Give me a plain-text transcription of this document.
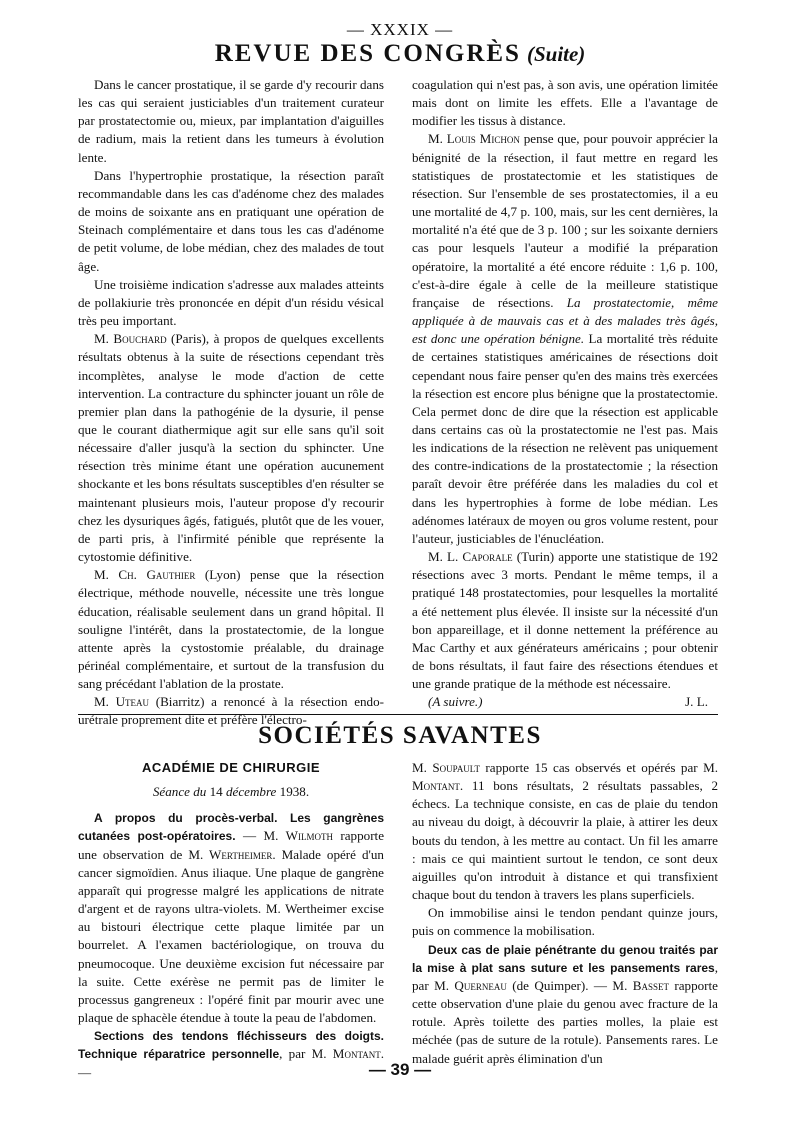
— XXXIX —
REVUE DES CONGRÈS (Suite)

Dans le cancer prostatique, il se garde d'y recourir dans les cas qui seraient justiciables d'un traitement curateur par prostatectomie ou, mieux, par implantation d'aiguilles de radium, mais la retient dans les tumeurs à évolution lente.

Dans l'hypertrophie prostatique, la résection paraît recommandable dans les cas d'adénome chez des malades de moins de soixante ans en pratiquant une opération de Steinach complémentaire et dans tous les cas d'adénome de petit volume, de lobe médian, chez des malades de tout âge.

Une troisième indication s'adresse aux malades atteints de pollakiurie très prononcée en dépit d'un résidu vésical très peu important.

M. Bouchard (Paris), à propos de quelques excellents résultats obtenus à la suite de résections cependant très incomplètes, analyse le mode d'action de cette intervention. La contracture du sphincter jouant un rôle de premier plan dans la pathogénie de la dysurie, il pense que le courant diathermique agit sur elle sans qu'il soit nécessaire d'aller jusqu'à la section du sphincter. Une résection très minime étant une opération aucunement shockante et les bons résultats susceptibles d'en résulter se maintenant plusieurs mois, l'auteur propose d'y recourir chez les dysuriques âgés, fatigués, plutôt que de les vouer, de parti pris, à l'infirmité pénible que représente la cytostomie définitive.

M. Ch. Gauthier (Lyon) pense que la résection électrique, méthode nouvelle, nécessite une très longue éducation, réalisable seulement dans un grand hôpital. Il souligne l'intérêt, dans la prostatectomie, de la longue attente après la cystostomie préalable, du drainage périnéal complémentaire, et surtout de la transfusion du sang précédant l'ablation de la prostate.

M. Uteau (Biarritz) a renoncé à la résection endo-urétrale proprement dite et préfère l'électro-

coagulation qui n'est pas, à son avis, une opération limitée mais dont on limite les effets. Elle a l'avantage de modifier les tissus à distance.

M. Louis Michon pense que, pour pouvoir apprécier la bénignité de la résection, il faut mettre en regard les statistiques de prostatectomie et les statistiques de résection. Sur l'ensemble de ses prostatectomies, il a eu une mortalité de 4,7 p. 100, mais, sur les cent dernières, la mortalité n'a été que de 3 p. 100 ; sur les soixante derniers cas pour lesquels l'auteur a modifié la préparation opératoire, la mortalité a été encore réduite : 1,6 p. 100, c'est-à-dire égale à celle de la meilleure statistique française de résections. La prostatectomie, même appliquée à de mauvais cas et à des malades très âgés, est donc une opération bénigne. La mortalité très réduite de certaines statistiques américaines de résections doit cependant nous faire penser qu'en des mains très exercées la résection est encore plus bénigne que la prostatectomie. Cela permet donc de dire que la résection est applicable dans certains cas où la prostatectomie ne l'est pas. Mais les indications de la résection ne relèvent pas uniquement des contre-indications de la prostatectomie ; la résection paraît devoir être préférée dans les maladies du col et dans les hypertrophies à forme de lobe médian. Les adénomes latéraux de moyen ou gros volume restent, pour l'auteur, justiciables de l'énucléation.

M. L. Caporale (Turin) apporte une statistique de 192 résections avec 3 morts. Pendant le même temps, il a pratiqué 148 prostatectomies, pour lesquelles la mortalité a été nettement plus élevée. Il insiste sur la nécessité d'un bon appareillage, et il donne nettement la préférence au Mac Carthy et aux générateurs américains ; pour obtenir de bons résultats, il faut faire des résections étendues et une grande pratique de la méthode est nécessaire.

(A suivre.)	J. L.
SOCIÉTÉS SAVANTES
ACADÉMIE DE CHIRURGIE
Séance du 14 décembre 1938.

A propos du procès-verbal. Les gangrènes cutanées post-opératoires. — M. Wilmoth rapporte une observation de M. Wertheimer. Malade opéré d'un cancer sigmoïdien. Anus iliaque. Une plaque de gangrène apparaît qui progresse malgré les applications de nitrate d'argent et de rayons ultra-violets. M. Wertheimer excise au bistouri électrique cette plaque limitée par un bourrelet. A l'examen bactériologique, on trouva du pneumocoque. Une deuxième excision fut nécessaire par la suite. Cette exérèse ne permit pas de limiter le processus gangreneux : l'opéré finit par mourir avec une plaque de sphacèle étendue à toute la peau de l'abdomen.

Sections des tendons fléchisseurs des doigts. Technique réparatrice personnelle, par M. Montant. —

M. Soupault rapporte 15 cas observés et opérés par M. Montant. 11 bons résultats, 2 résultats passables, 2 échecs. La technique consiste, en cas de plaie du tendon au niveau du doigt, à découvrir la plaie, à attirer les deux bouts du tendon, à les mettre au contact. Un fil les amarre : mais ce qui maintient surtout le tendon, ce sont deux aiguilles qu'on introduit à distance et qui transfixient chaque bout du tendon à travers les plans superficiels.

On immobilise ainsi le tendon pendant quinze jours, puis on commence la mobilisation.

Deux cas de plaie pénétrante du genou traités par la mise à plat sans suture et les pansements rares, par M. Querneau (de Quimper). — M. Basset rapporte cette observation d'une plaie du genou avec fracture de la rotule. Après toilette des parties molles, la plaie est méchée (pas de suture de la rotule). Pansements rares. Le malade guérit après élimination d'un

— 39 —
